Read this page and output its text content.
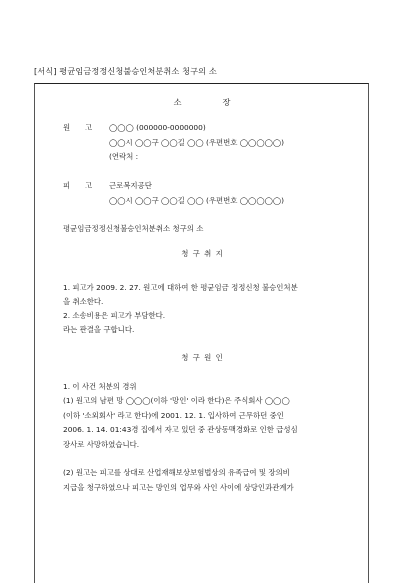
[서식] 평균임금정정신청불승인처분취소 청구의 소
소	장
원 고 ◯◯◯ (000000-0000000)
◯◯시 ◯◯구 ◯◯길 ◯◯ (우편번호 ◯◯◯◯◯)
(연락처 :
피 고 근로복지공단
◯◯시 ◯◯구 ◯◯길 ◯◯ (우편번호 ◯◯◯◯◯)
평균임금정정신청불승인처분취소 청구의 소
청 구 취 지
1. 피고가 2009. 2. 27. 원고에 대하여 한 평균임금 정정신청 불승인처분
을 취소한다.
2. 소송비용은 피고가 부담한다.
라는 판결을 구합니다.
청 구 원 인
1. 이 사건 처분의 경위
(1) 원고의 남편 망 ◯◯◯(이하 '망인' 이라 한다)은 주식회사 ◯◯◯
(이하 '소외회사' 라고 한다)에 2001. 12. 1. 입사하여 근무하던 중인
2006. 1. 14. 01:43경 집에서 자고 있던 중 관상동맥경화로 인한 급성심
장사로 사망하였습니다.
(2) 원고는 피고를 상대로 산업재해보상보험법상의 유족급여 및 장의비
지급을 청구하였으나 피고는 망인의 업무와 사인 사이에 상당인과관계가
